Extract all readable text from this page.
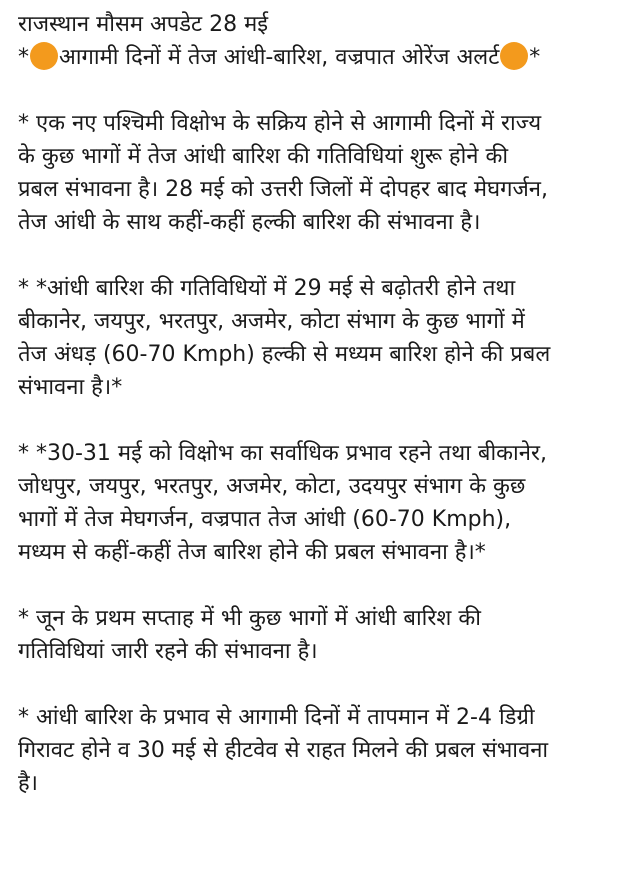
राजस्थान मौसम अपडेट 28 मई
* आगामी दिनों में तेज आंधी-बारिश, वज्रपात ओरेंज अलर्ट *
* एक नए पश्चिमी विक्षोभ के सक्रिय होने से आगामी दिनों में राज्य
के कुछ भागों में तेज आंधी बारिश की गतिविधियां शुरू होने की
प्रबल संभावना है। 28 मई को उत्तरी जिलों में दोपहर बाद मेघगर्जन,
तेज आंधी के साथ कहीं-कहीं हल्की बारिश की संभावना है।
* *आंधी बारिश की गतिविधियों में 29 मई से बढ़ोतरी होने तथा
बीकानेर, जयपुर, भरतपुर, अजमेर, कोटा संभाग के कुछ भागों में
तेज अंधड़ (60-70 Kmph) हल्की से मध्यम बारिश होने की प्रबल
संभावना है।*
* *30-31 मई को विक्षोभ का सर्वाधिक प्रभाव रहने तथा बीकानेर,
जोधपुर, जयपुर, भरतपुर, अजमेर, कोटा, उदयपुर संभाग के कुछ
भागों में तेज मेघगर्जन, वज्रपात तेज आंधी (60-70 Kmph),
मध्यम से कहीं-कहीं तेज बारिश होने की प्रबल संभावना है।*
* जून के प्रथम सप्ताह में भी कुछ भागों में आंधी बारिश की
गतिविधियां जारी रहने की संभावना है।
* आंधी बारिश के प्रभाव से आगामी दिनों में तापमान में 2-4 डिग्री
गिरावट होने व 30 मई से हीटवेव से राहत मिलने की प्रबल संभावना
है।
